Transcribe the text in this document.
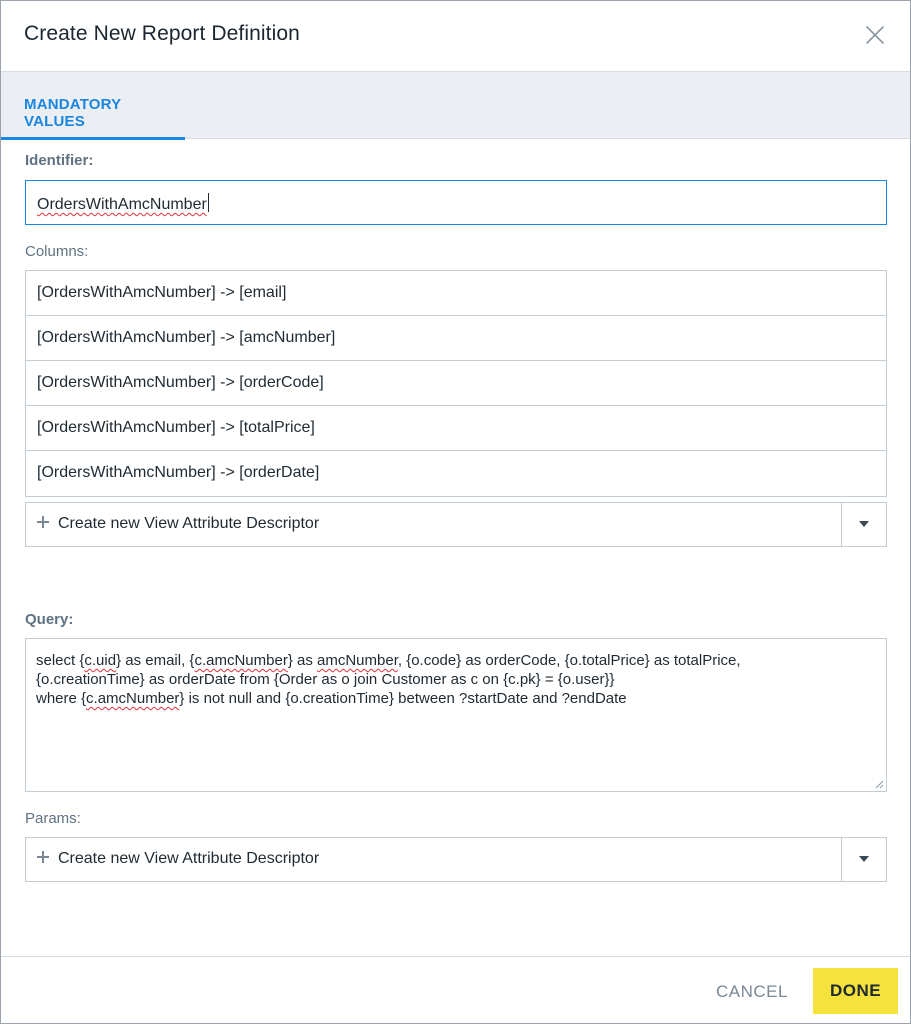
Create New Report Definition
MANDATORY VALUES
Identifier:
OrdersWithAmcNumber
Columns:
[OrdersWithAmcNumber] -> [email]
[OrdersWithAmcNumber] -> [amcNumber]
[OrdersWithAmcNumber] -> [orderCode]
[OrdersWithAmcNumber] -> [totalPrice]
[OrdersWithAmcNumber] -> [orderDate]
Create new View Attribute Descriptor
Query:
select {c.uid} as email, {c.amcNumber} as amcNumber, {o.code} as orderCode, {o.totalPrice} as totalPrice,
{o.creationTime} as orderDate from {Order as o join Customer as c on {c.pk} = {o.user}}
where {c.amcNumber} is not null and {o.creationTime} between ?startDate and ?endDate
Params:
Create new View Attribute Descriptor
CANCEL	DONE
